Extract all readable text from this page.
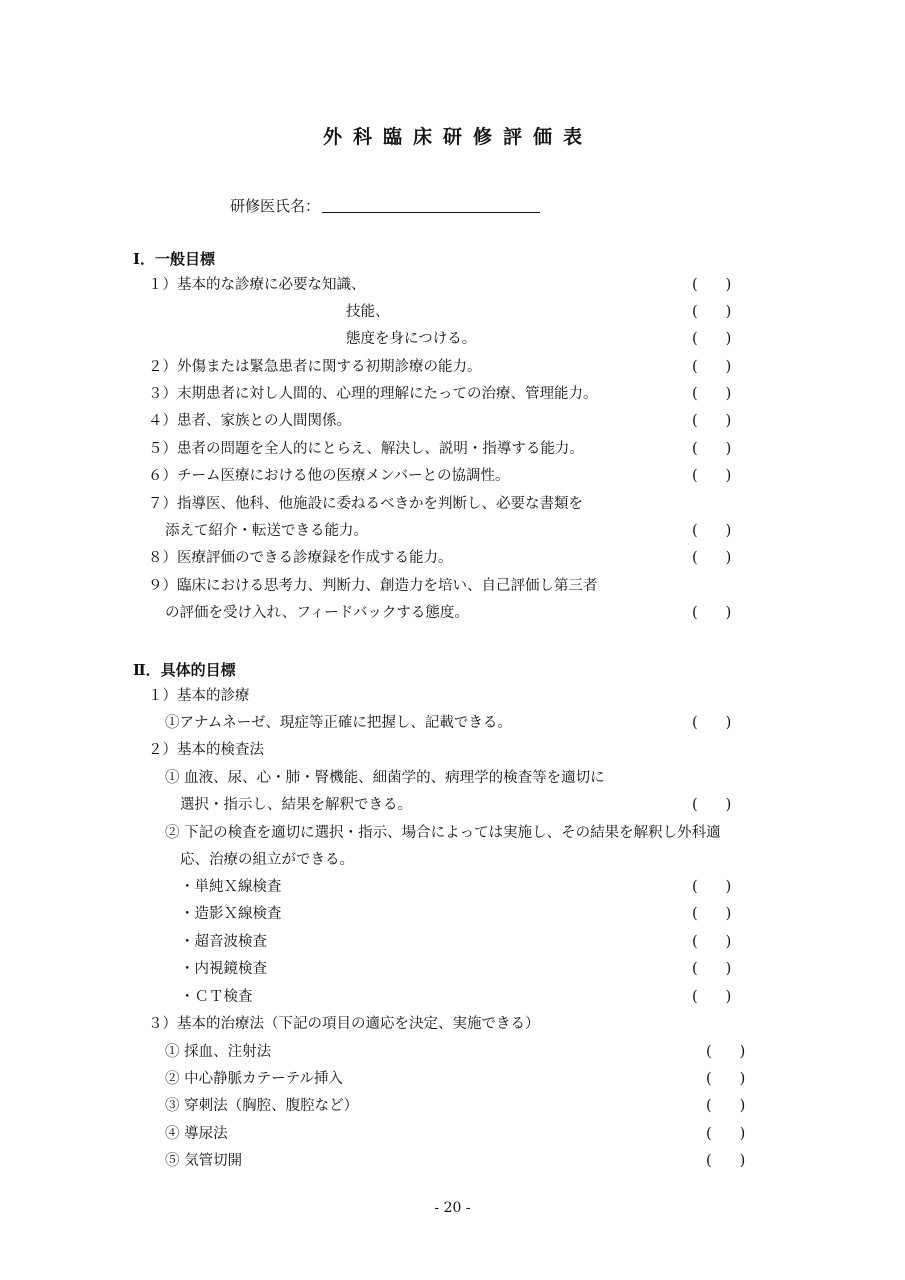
外科臨床研修評価表
研修医氏名：
Ⅰ．一般目標
Ⅱ．具体的目標
１）基本的な診療に必要な知識、	( )
技能、	( )
態度を身につける。	( )
２）外傷または緊急患者に関する初期診療の能力。	( )
３）末期患者に対し人間的、心理的理解にたっての治療、管理能力。	( )
４）患者、家族との人間関係。	( )
５）患者の問題を全人的にとらえ、解決し、説明・指導する能力。	( )
６）チーム医療における他の医療メンバーとの協調性。	( )
７）指導医、他科、他施設に委ねるべきかを判断し、必要な書類を
添えて紹介・転送できる能力。	( )
８）医療評価のできる診療録を作成する能力。	( )
９）臨床における思考力、判断力、創造力を培い、自己評価し第三者
の評価を受け入れ、フィードバックする態度。	( )
１）基本的診療
①アナムネーゼ、現症等正確に把握し、記載できる。	( )
２）基本的検査法
① 血液、尿、心・肺・腎機能、細菌学的、病理学的検査等を適切に
選択・指示し、結果を解釈できる。	( )
② 下記の検査を適切に選択・指示、場合によっては実施し、その結果を解釈し外科適
応、治療の組立ができる。
・単純Ｘ線検査	( )
・造影Ｘ線検査	( )
・超音波検査	( )
・内視鏡検査	( )
・ＣＴ検査	( )
３）基本的治療法（下記の項目の適応を決定、実施できる）
① 採血、注射法	( )
② 中心静脈カテーテル挿入	( )
③ 穿刺法（胸腔、腹腔など）	( )
④ 導尿法	( )
⑤ 気管切開	( )
- 20 -
